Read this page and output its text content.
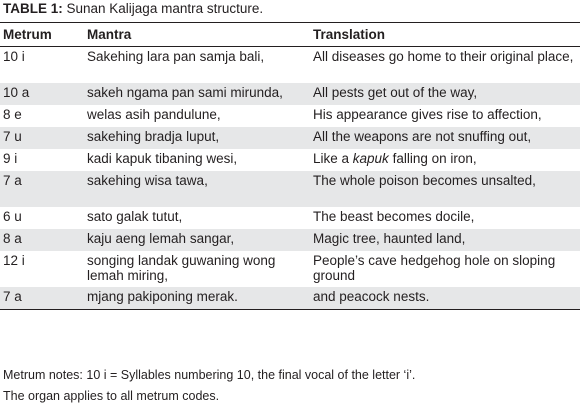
TABLE 1: Sunan Kalijaga mantra structure.
Metrum	Mantra	Translation
10 i	Sakehing lara pan samja bali,	All diseases go home to their original place,
10 a	sakeh ngama pan sami mirunda,	All pests get out of the way,
8 e	welas asih pandulune,	His appearance gives rise to affection,
7 u	sakehing bradja luput,	All the weapons are not snuffing out,
9 i	kadi kapuk tibaning wesi,	Like a kapuk falling on iron,
7 a	sakehing wisa tawa,	The whole poison becomes unsalted,
6 u	sato galak tutut,	The beast becomes docile,
8 a	kaju aeng lemah sangar,	Magic tree, haunted land,
12 i	songing landak guwaning wong lemah miring,	People’s cave hedgehog hole on sloping ground
7 a	mjang pakiponing merak.	and peacock nests.
Metrum notes: 10 i = Syllables numbering 10, the final vocal of the letter ‘i’.
The organ applies to all metrum codes.
